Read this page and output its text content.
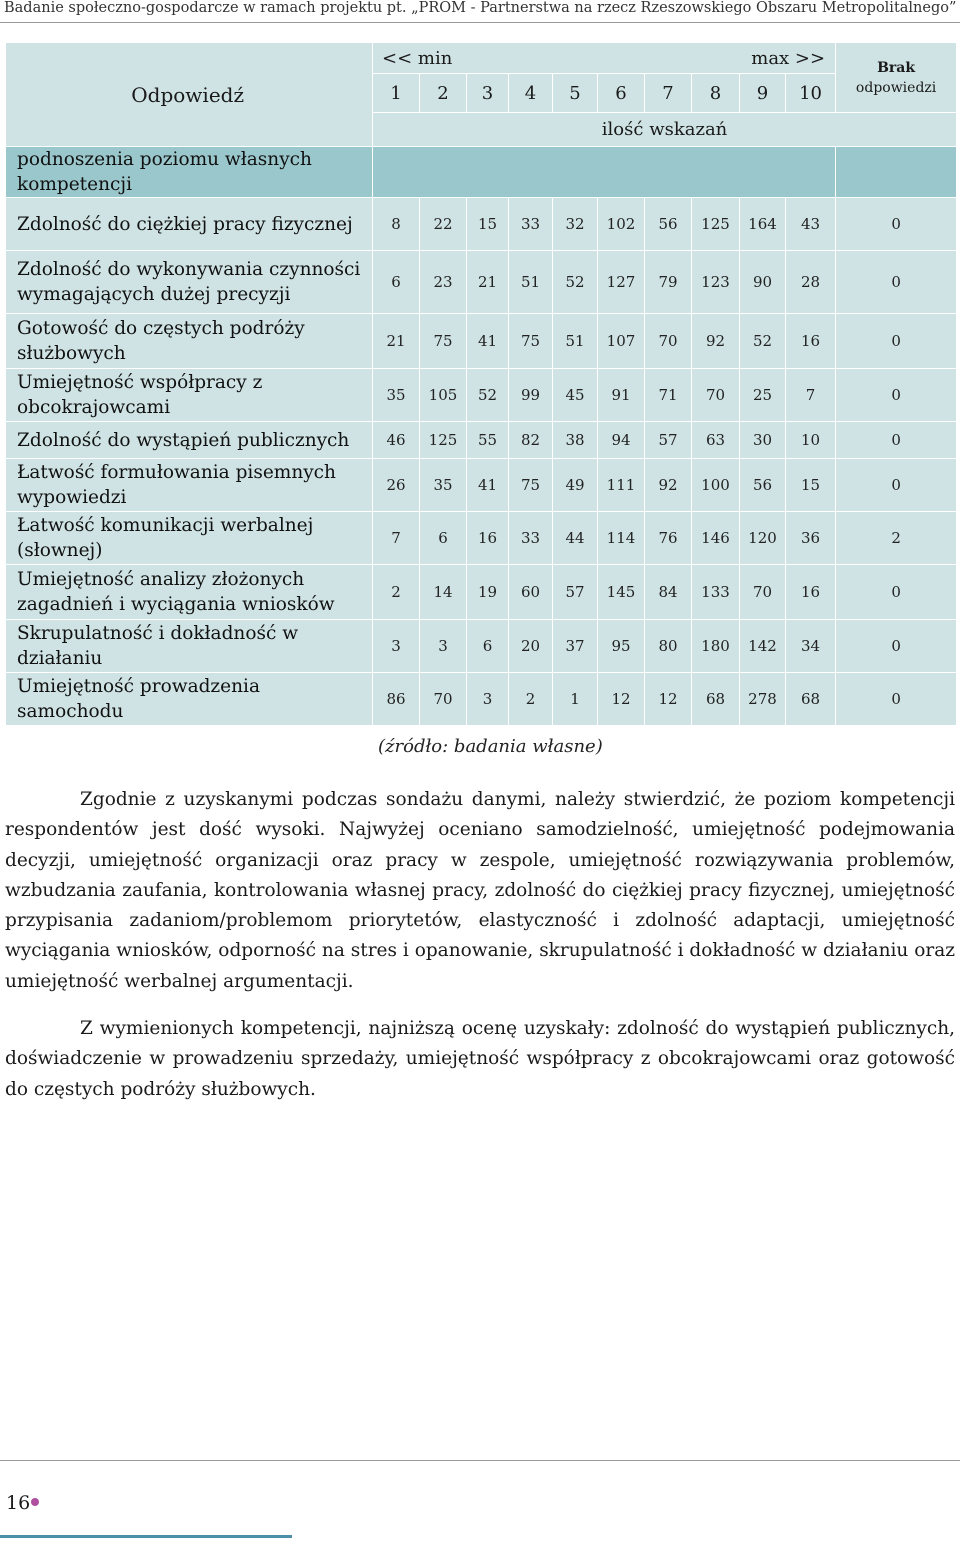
Badanie społeczno-gospodarcze w ramach projektu pt. „PROM - Partnerstwa na rzecz Rzeszowskiego Obszaru Metropolitalnego”
Odpowiedź	<< min max >>										Brak
odpowiedzi
	1	2	3	4	5	6	7	8	9	10	
	ilość wskazań										
podnoszenia poziomu własnych kompetencji											
Zdolność do ciężkiej pracy fizycznej	8	22	15	33	32	102	56	125	164	43	0
Zdolność do wykonywania czynności wymagających dużej precyzji	6	23	21	51	52	127	79	123	90	28	0
Gotowość do częstych podróży służbowych	21	75	41	75	51	107	70	92	52	16	0
Umiejętność współpracy z obcokrajowcami	35	105	52	99	45	91	71	70	25	7	0
Zdolność do wystąpień publicznych	46	125	55	82	38	94	57	63	30	10	0
Łatwość formułowania pisemnych wypowiedzi	26	35	41	75	49	111	92	100	56	15	0
Łatwość komunikacji werbalnej (słownej)	7	6	16	33	44	114	76	146	120	36	2
Umiejętność analizy złożonych zagadnień i wyciągania wniosków	2	14	19	60	57	145	84	133	70	16	0
Skrupulatność i dokładność w działaniu	3	3	6	20	37	95	80	180	142	34	0
Umiejętność prowadzenia samochodu	86	70	3	2	1	12	12	68	278	68	0
(źródło: badania własne)
Zgodnie z uzyskanymi podczas sondażu danymi, należy stwierdzić, że poziom kompetencji respondentów jest dość wysoki. Najwyżej oceniano samodzielność, umiejętność podejmowania decyzji, umiejętność organizacji oraz pracy w zespole, umiejętność rozwiązywania problemów, wzbudzania zaufania, kontrolowania własnej pracy, zdolność do ciężkiej pracy fizycznej, umiejętność przypisania zadaniom/problemom priorytetów, elastyczność i zdolność adaptacji, umiejętność wyciągania wniosków, odporność na stres i opanowanie, skrupulatność i dokładność w działaniu oraz umiejętność werbalnej argumentacji.
Z wymienionych kompetencji, najniższą ocenę uzyskały: zdolność do wystąpień publicznych, doświadczenie w prowadzeniu sprzedaży, umiejętność współpracy z obcokrajowcami oraz gotowość do częstych podróży służbowych.
16
